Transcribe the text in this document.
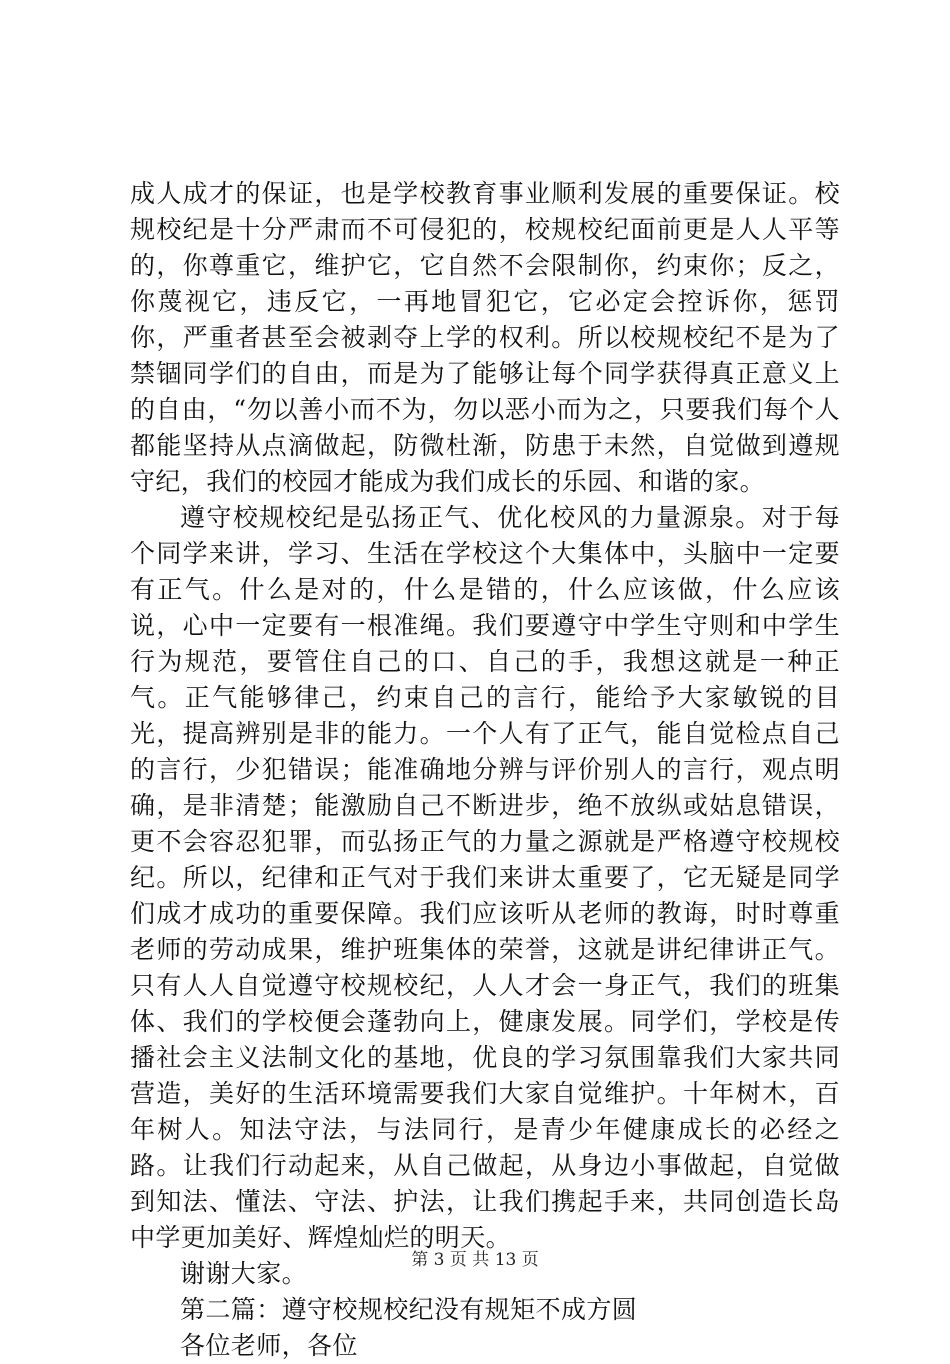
成人成才的保证，也是学校教育事业顺利发展的重要保证。校规校纪是十分严肃而不可侵犯的，校规校纪面前更是人人平等的，你尊重它，维护它，它自然不会限制你，约束你；反之，你蔑视它，违反它，一再地冒犯它，它必定会控诉你，惩罚你，严重者甚至会被剥夺上学的权利。所以校规校纪不是为了禁锢同学们的自由，而是为了能够让每个同学获得真正意义上的自由，“勿以善小而不为，勿以恶小而为之，只要我们每个人都能坚持从点滴做起，防微杜渐，防患于未然，自觉做到遵规守纪，我们的校园才能成为我们成长的乐园、和谐的家。

遵守校规校纪是弘扬正气、优化校风的力量源泉。对于每个同学来讲，学习、生活在学校这个大集体中，头脑中一定要有正气。什么是对的，什么是错的，什么应该做，什么应该说，心中一定要有一根准绳。我们要遵守中学生守则和中学生行为规范，要管住自己的口、自己的手，我想这就是一种正气。正气能够律己，约束自己的言行，能给予大家敏锐的目光，提高辨别是非的能力。一个人有了正气，能自觉检点自己的言行，少犯错误；能准确地分辨与评价别人的言行，观点明确，是非清楚；能激励自己不断进步，绝不放纵或姑息错误，更不会容忍犯罪，而弘扬正气的力量之源就是严格遵守校规校纪。所以，纪律和正气对于我们来讲太重要了，它无疑是同学们成才成功的重要保障。我们应该听从老师的教诲，时时尊重老师的劳动成果，维护班集体的荣誉，这就是讲纪律讲正气。只有人人自觉遵守校规校纪，人人才会一身正气，我们的班集体、我们的学校便会蓬勃向上，健康发展。同学们，学校是传播社会主义法制文化的基地，优良的学习氛围靠我们大家共同营造，美好的生活环境需要我们大家自觉维护。十年树木，百年树人。知法守法，与法同行，是青少年健康成长的必经之路。让我们行动起来，从自己做起，从身边小事做起，自觉做到知法、懂法、守法、护法，让我们携起手来，共同创造长岛中学更加美好、辉煌灿烂的明天。

谢谢大家。

第二篇：遵守校规校纪没有规矩不成方圆

各位老师，各位

第 3 页 共 13 页
